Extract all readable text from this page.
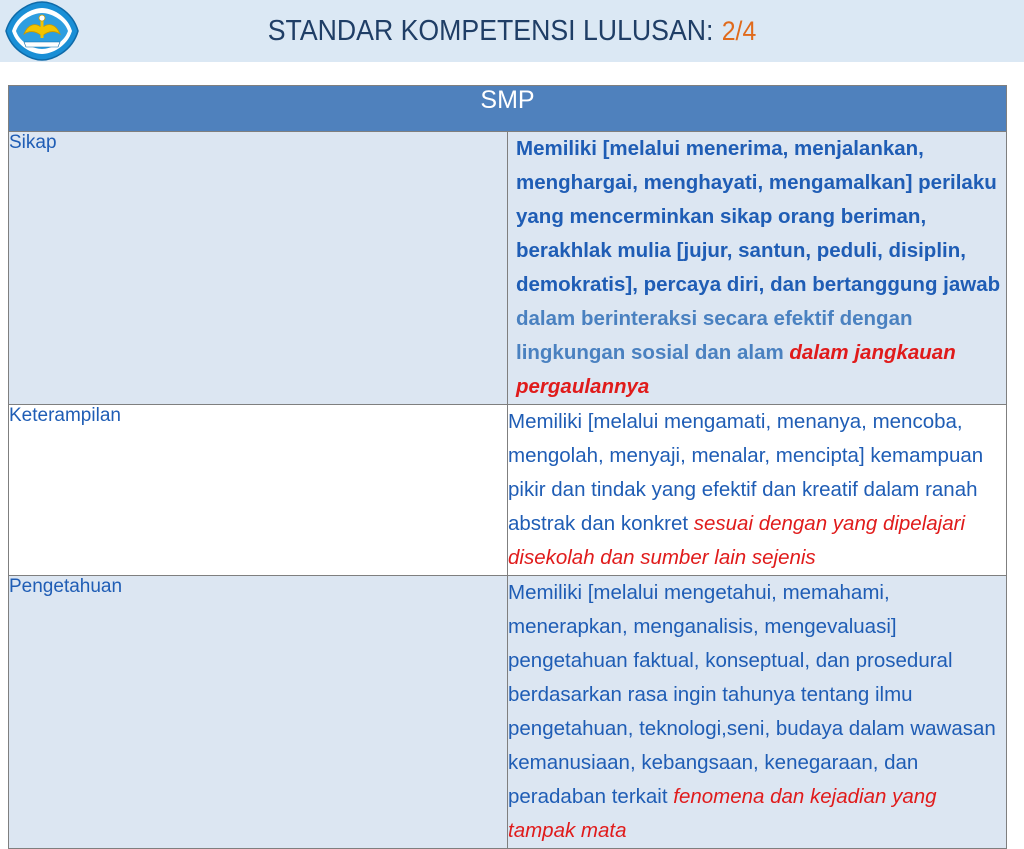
STANDAR KOMPETENSI LULUSAN: 2/4
SMP	
Sikap	Memiliki [melalui menerima, menjalankan, menghargai, menghayati, mengamalkan] perilaku yang mencerminkan sikap orang beriman, berakhlak mulia [jujur, santun, peduli, disiplin, demokratis], percaya diri, dan bertanggung jawab dalam berinteraksi secara efektif dengan lingkungan sosial dan alam dalam jangkauan pergaulannya
Keterampilan	Memiliki [melalui mengamati, menanya, mencoba, mengolah, menyaji, menalar, mencipta] kemampuan pikir dan tindak yang efektif dan kreatif dalam ranah abstrak dan konkret sesuai dengan yang dipelajari disekolah dan sumber lain sejenis
Pengetahuan	Memiliki [melalui mengetahui, memahami, menerapkan, menganalisis, mengevaluasi] pengetahuan faktual, konseptual, dan prosedural berdasarkan rasa ingin tahunya tentang ilmu pengetahuan, teknologi,seni, budaya dalam wawasan kemanusiaan, kebangsaan, kenegaraan, dan peradaban terkait fenomena dan kejadian yang tampak mata
